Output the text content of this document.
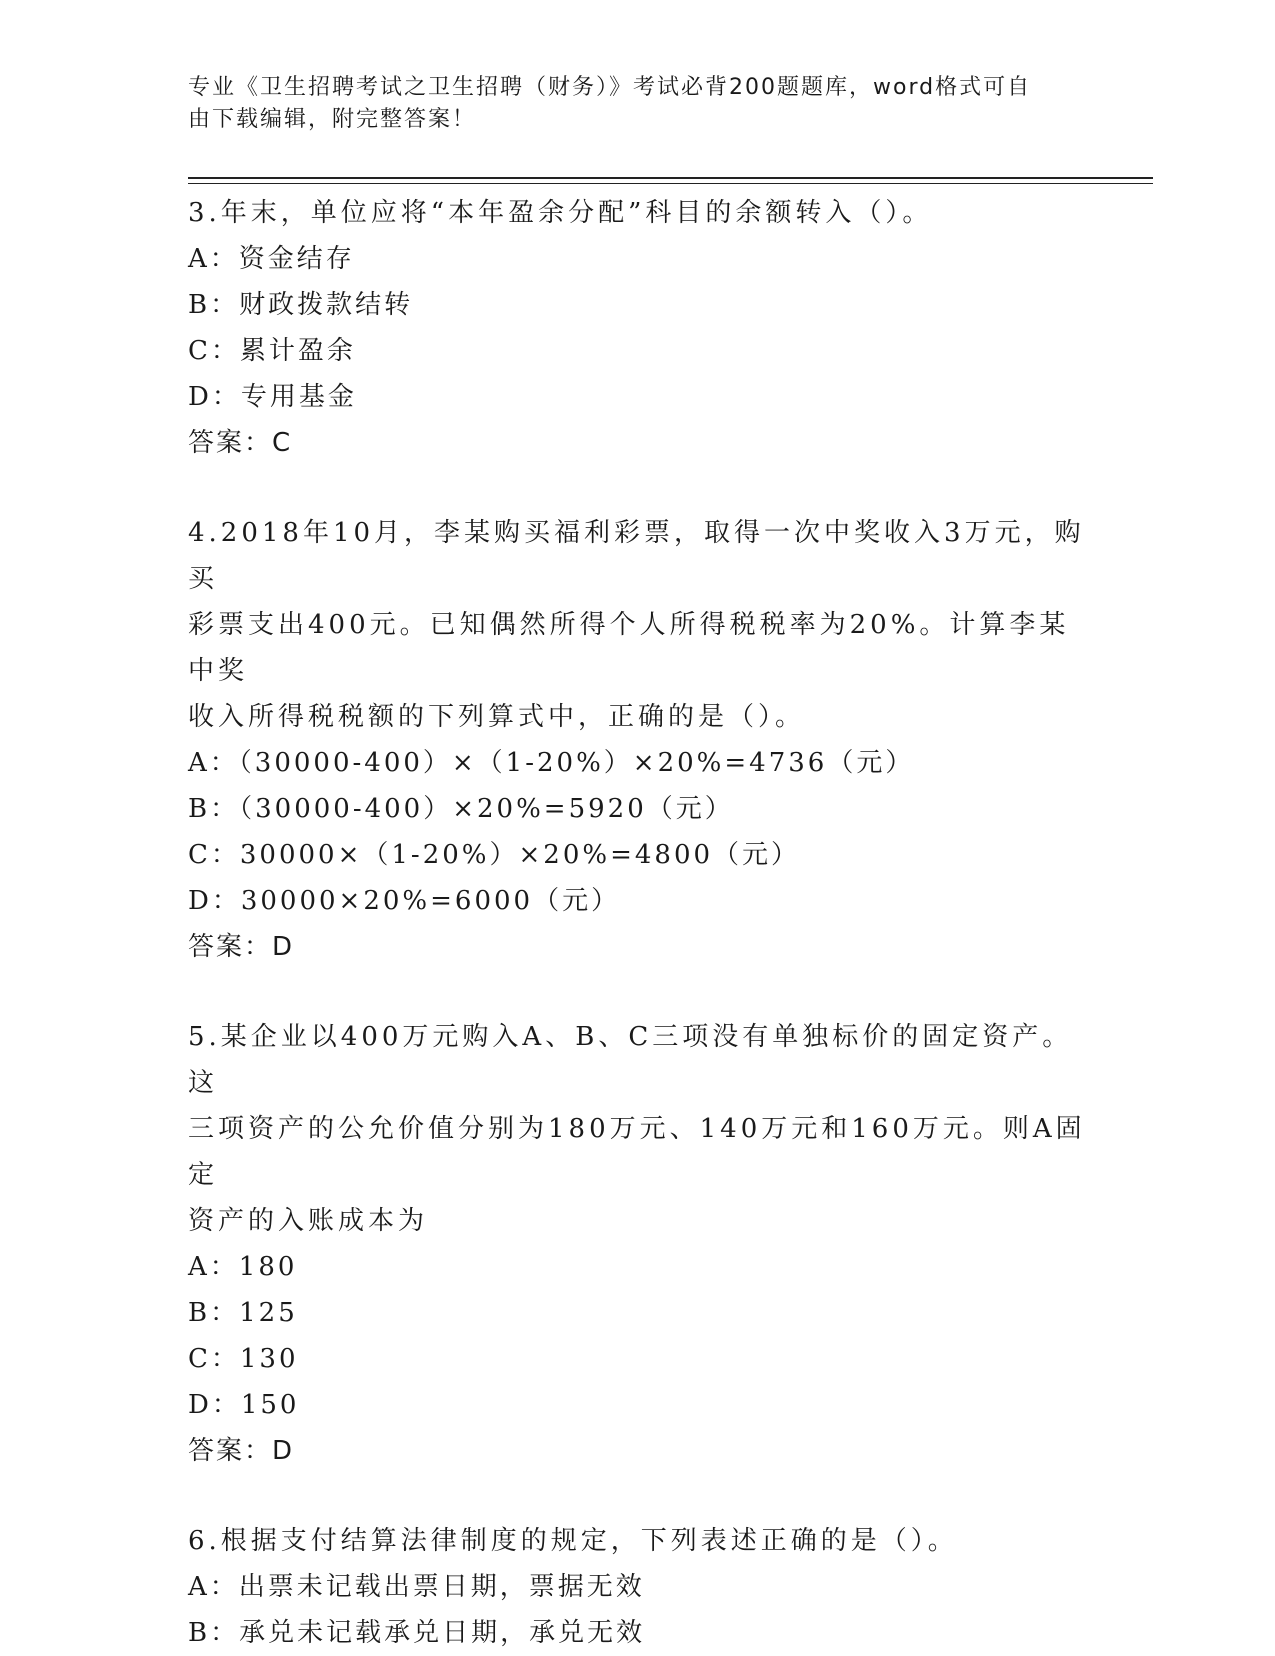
专业《卫生招聘考试之卫生招聘（财务）》考试必背200题题库，word格式可自
由下载编辑，附完整答案！

3.年末，单位应将“本年盈余分配”科目的余额转入（）。

A：资金结存

B：财政拨款结转

C：累计盈余

D：专用基金

答案：C

4.2018年10月，李某购买福利彩票，取得一次中奖收入3万元，购买

彩票支出400元。已知偶然所得个人所得税税率为20%。计算李某中奖

收入所得税税额的下列算式中，正确的是（）。

A：（30000-400）×（1-20%）×20%=4736（元）

B：（30000-400）×20%=5920（元）

C：30000×（1-20%）×20%=4800（元）

D：30000×20%=6000（元）

答案：D

5.某企业以400万元购入A、B、C三项没有单独标价的固定资产。这

三项资产的公允价值分别为180万元、140万元和160万元。则A固定

资产的入账成本为

A：180

B：125

C：130

D：150

答案：D

6.根据支付结算法律制度的规定，下列表述正确的是（）。

A：出票未记载出票日期，票据无效

B：承兑未记载承兑日期，承兑无效
